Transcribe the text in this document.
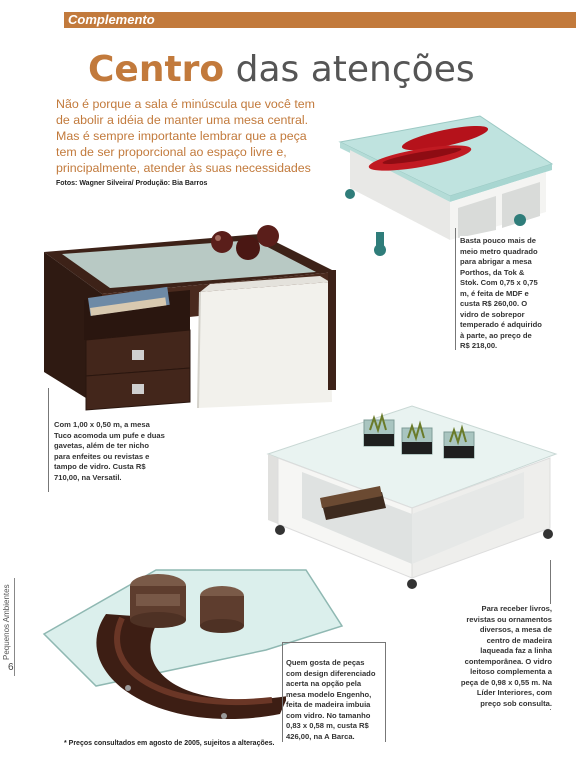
Complemento
Centro das atenções

Não é porque a sala é minúscula que você tem de abolir a idéia de manter uma mesa central. Mas é sempre importante lembrar que a peça tem de ser proporcional ao espaço livre e, principalmente, atender às suas necessidades

Fotos: Wagner Silveira/ Produção: Bia Barros

Basta pouco mais de meio metro quadrado para abrigar a mesa Porthos, da Tok & Stok. Com 0,75 x 0,75 m, é feita de MDF e custa R$ 260,00. O vidro de sobrepor temperado é adquirido à parte, ao preço de R$ 218,00.

Com 1,00 x 0,50 m, a mesa Tuco acomoda um pufe e duas gavetas, além de ter nicho para enfeites ou revistas e tampo de vidro. Custa R$ 710,00, na Versatil.

Para receber livros, revistas ou ornamentos diversos, a mesa de centro de madeira laqueada faz a linha contemporânea. O vidro leitoso complementa a peça de 0,98 x 0,55 m. Na Líder Interiores, com preço sob consulta.

Quem gosta de peças com design diferenciado acerta na opção pela mesa modelo Engenho, feita de madeira imbuia com vidro. No tamanho 0,83 x 0,58 m, custa R$ 426,00, na A Barca.

Pequenos Ambientes
6
* Preços consultados em agosto de 2005, sujeitos a alterações.
